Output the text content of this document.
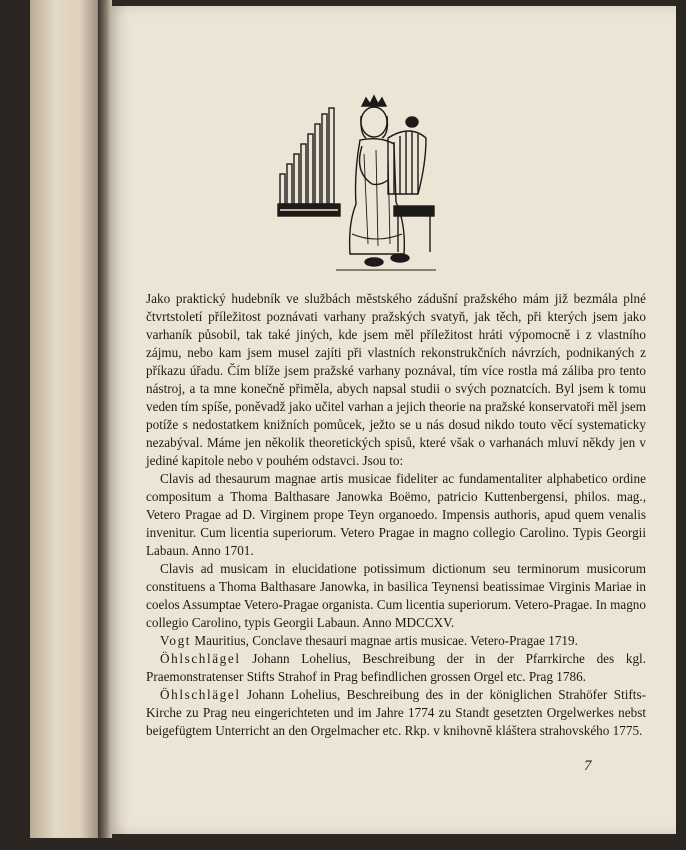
Jako praktický hudebník ve službách městského zádušní pražského mám již bezmála plné čtvrtstoletí příležitost poznávati varhany pražských svatyň, jak těch, při kterých jsem jako varhaník působil, tak také jiných, kde jsem měl příležitost hráti výpomocně i z vlastního zájmu, nebo kam jsem musel zajíti při vlastních rekonstrukčních návrzích, podnikaných z příkazu úřadu. Čím blíže jsem pražské varhany poznával, tím více rostla má záliba pro tento nástroj, a ta mne konečně přiměla, abych napsal studii o svých poznatcích. Byl jsem k tomu veden tím spíše, poněvadž jako učitel varhan a jejich theorie na pražské konservatoři měl jsem potíže s nedostatkem knižních pomůcek, ježto se u nás dosud nikdo touto věcí systematicky nezabýval. Máme jen několik theoretických spisů, které však o varhanách mluví někdy jen v jediné kapitole nebo v pouhém odstavci. Jsou to:

Clavis ad thesaurum magnae artis musicae fideliter ac fundamentaliter alphabetico ordine compositum a Thoma Balthasare Janowka Boëmo, patricio Kuttenbergensi, philos. mag., Vetero Pragae ad D. Virginem prope Teyn organoedo. Impensis authoris, apud quem venalis invenitur. Cum licentia superiorum. Vetero Pragae in magno collegio Carolino. Typis Georgii Labaun. Anno 1701.

Clavis ad musicam in elucidatione potissimum dictionum seu terminorum musicorum constituens a Thoma Balthasare Janowka, in basilica Teynensi beatissimae Virginis Mariae in coelos Assumptae Vetero-Pragae organista. Cum licentia superiorum. Vetero-Pragae. In magno collegio Carolino, typis Georgii Labaun. Anno MDCCXV.

Vogt Mauritius, Conclave thesauri magnae artis musicae. Vetero-Pragae 1719.

Öhlschlägel Johann Lohelius, Beschreibung der in der Pfarrkirche des kgl. Praemonstratenser Stifts Strahof in Prag befindlichen grossen Orgel etc. Prag 1786.

Öhlschlägel Johann Lohelius, Beschreibung des in der königlichen Strahöfer Stifts-Kirche zu Prag neu eingerichteten und im Jahre 1774 zu Standt gesetzten Orgelwerkes nebst beigefügtem Unterricht an den Orgelmacher etc. Rkp. v knihovně kláštera strahovského 1775.

7
